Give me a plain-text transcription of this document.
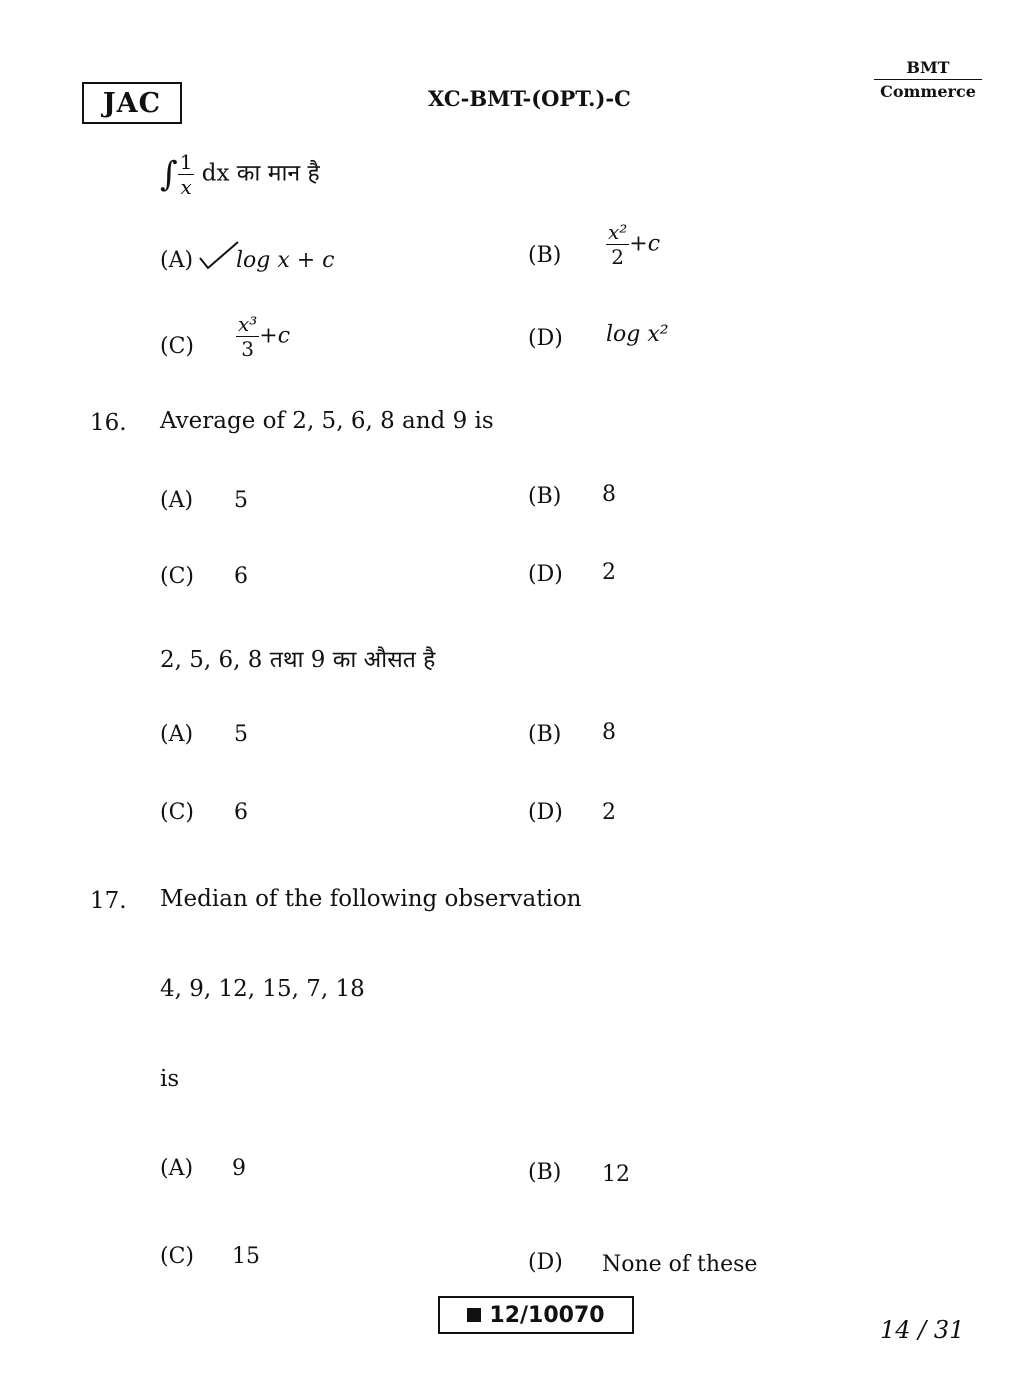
JAC	XC-BMT-(OPT.)-C
BMT
Commerce
∫ $\frac{1}{x}$ dx का मान है
(A) log x + c	$(B) \frac{\text{x²}}{2} +c$
$(C) \frac{\text{x³}}{3} +c$	(D) log x²
16. Average of 2, 5, 6, 8 and 9 is
(A) 5	(B) 8
(C) 6	(D) 2
2, 5, 6, 8 तथा 9 का औसत है
(A) 5	(B) 8
(C) 6	(D) 2
17. Median of the following observation
4, 9, 12, 15, 7, 18
is
(A) 9	(B) 12
(C) 15	(D) None of these
12/10070
14 / 31
